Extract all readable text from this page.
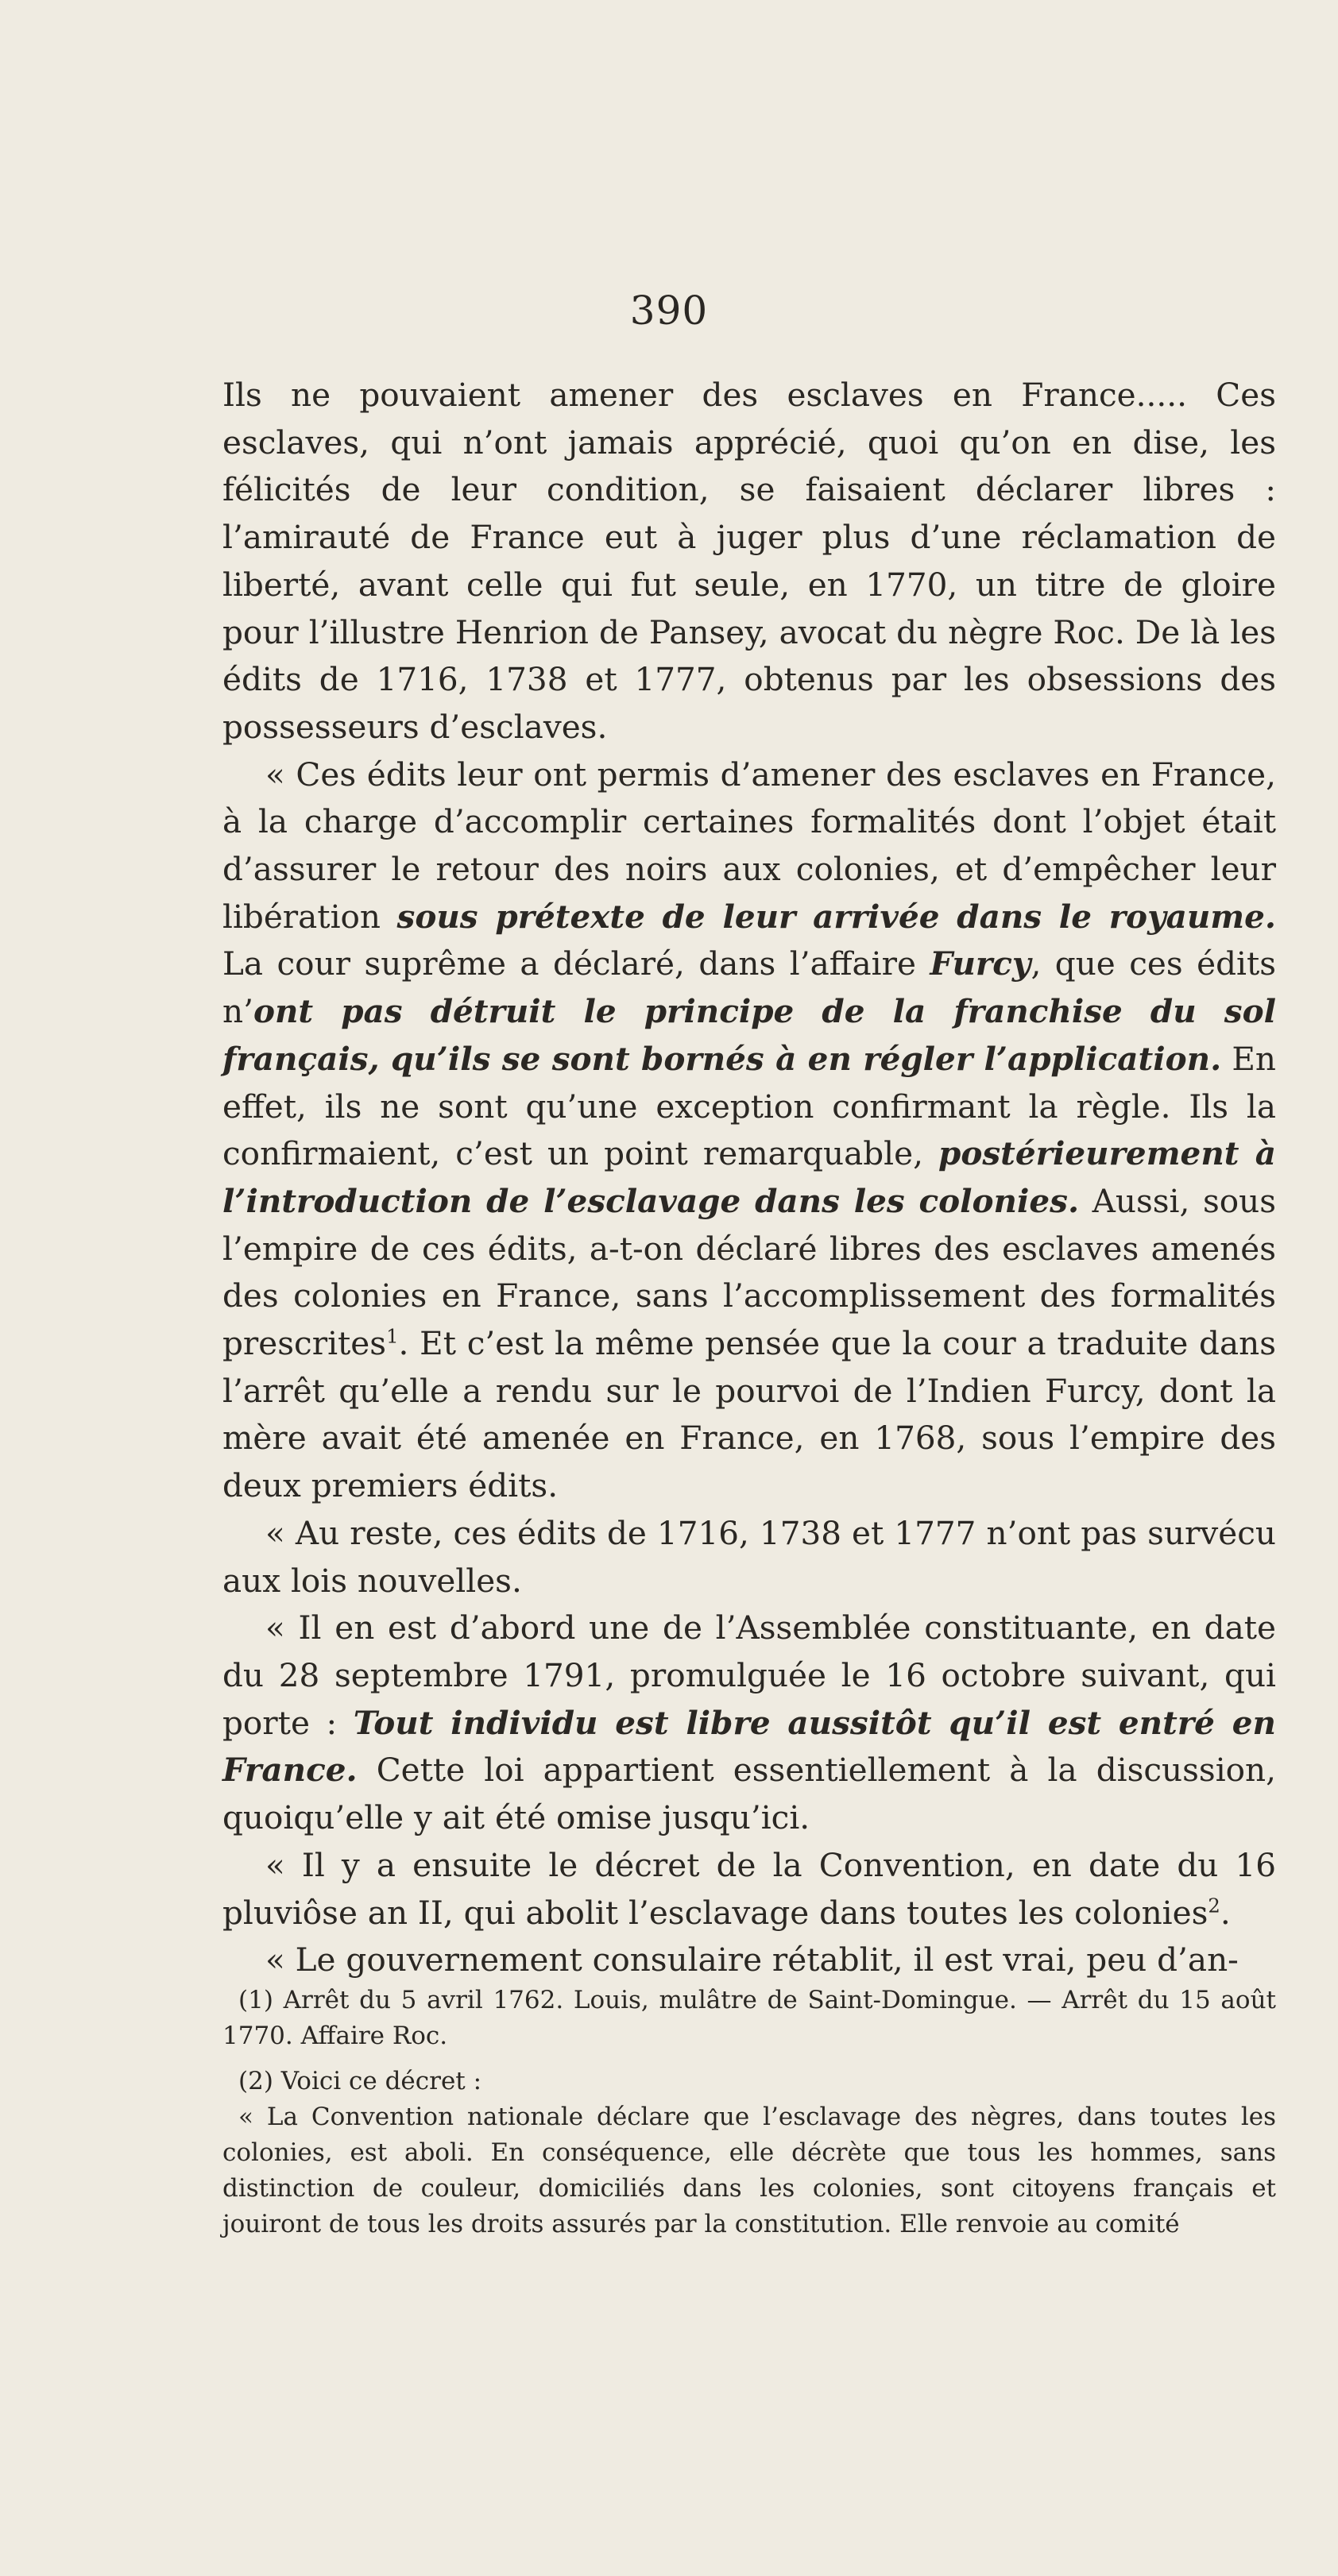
390

Ils ne pouvaient amener des esclaves en France..... Ces esclaves, qui n’ont jamais apprécié, quoi qu’on en dise, les félicités de leur condition, se faisaient déclarer libres : l’amirauté de France eut à juger plus d’une réclamation de liberté, avant celle qui fut seule, en 1770, un titre de gloire pour l’illustre Henrion de Pansey, avocat du nègre Roc. De là les édits de 1716, 1738 et 1777, obtenus par les obsessions des possesseurs d’esclaves.

« Ces édits leur ont permis d’amener des esclaves en France, à la charge d’accomplir certaines formalités dont l’objet était d’assurer le retour des noirs aux colonies, et d’empêcher leur libération sous prétexte de leur arrivée dans le royaume. La cour suprême a déclaré, dans l’affaire Furcy, que ces édits n’ont pas détruit le principe de la franchise du sol français, qu’ils se sont bornés à en régler l’application. En effet, ils ne sont qu’une exception confirmant la règle. Ils la confirmaient, c’est un point remarquable, postérieurement à l’introduction de l’esclavage dans les colonies. Aussi, sous l’empire de ces édits, a-t-on déclaré libres des esclaves amenés des colonies en France, sans l’accomplissement des formalités prescrites$^1$. Et c’est la même pensée que la cour a traduite dans l’arrêt qu’elle a rendu sur le pourvoi de l’Indien Furcy, dont la mère avait été amenée en France, en 1768, sous l’empire des deux premiers édits.

« Au reste, ces édits de 1716, 1738 et 1777 n’ont pas survécu aux lois nouvelles.

« Il en est d’abord une de l’Assemblée constituante, en date du 28 septembre 1791, promulguée le 16 octobre suivant, qui porte : Tout individu est libre aussitôt qu’il est entré en France. Cette loi appartient essentiellement à la discussion, quoiqu’elle y ait été omise jusqu’ici.

« Il y a ensuite le décret de la Convention, en date du 16 pluviôse an II, qui abolit l’esclavage dans toutes les colonies$^2$.

« Le gouvernement consulaire rétablit, il est vrai, peu d’an-

(1) Arrêt du 5 avril 1762. Louis, mulâtre de Saint-Domingue. — Arrêt du 15 août 1770. Affaire Roc.

(2) Voici ce décret :

« La Convention nationale déclare que l’esclavage des nègres, dans toutes les colonies, est aboli. En conséquence, elle décrète que tous les hommes, sans distinction de couleur, domiciliés dans les colonies, sont citoyens français et jouiront de tous les droits assurés par la constitution. Elle renvoie au comité
